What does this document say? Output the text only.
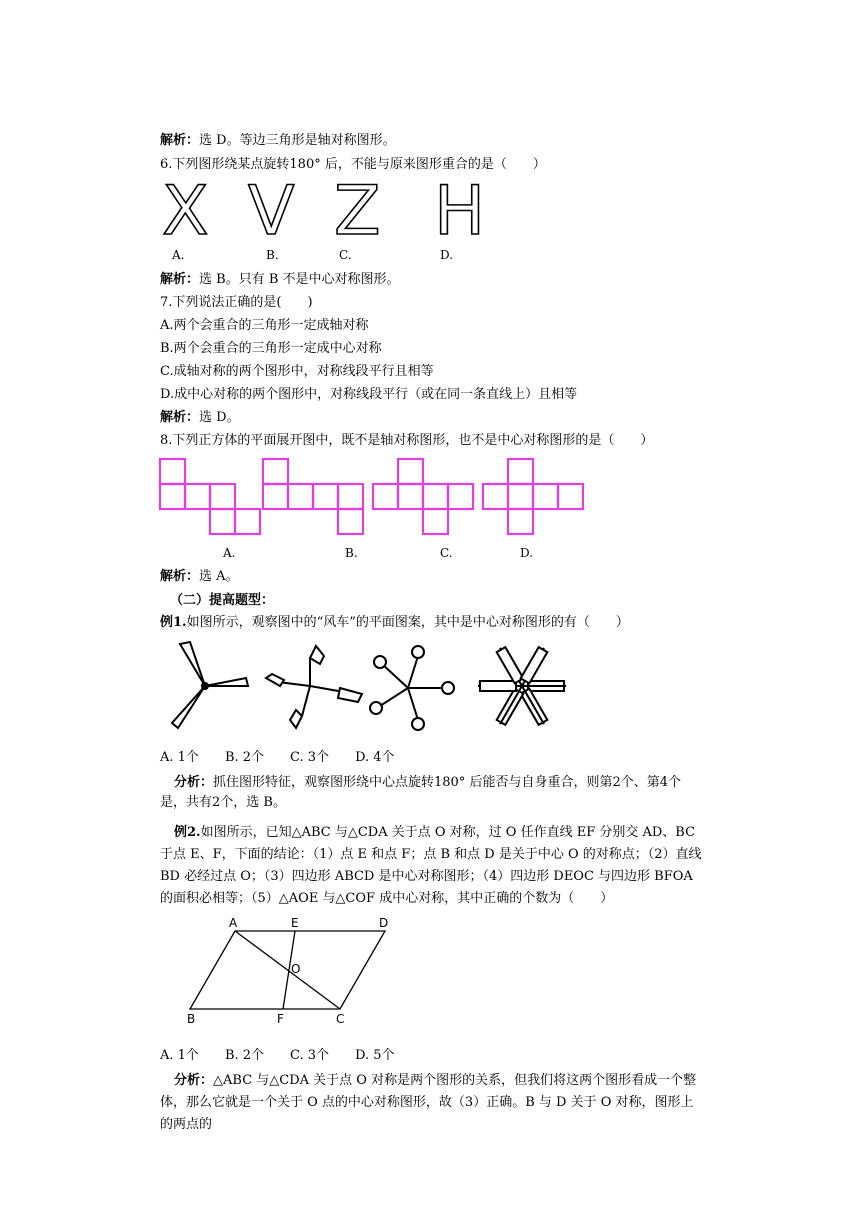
解析：选 D。等边三角形是轴对称图形。
6.下列图形绕某点旋转180° 后，不能与原来图形重合的是（　　）
X V Z H
A.	B.	C.	D.
解析：选 B。只有 B 不是中心对称图形。
7.下列说法正确的是(　　)
A.两个会重合的三角形一定成轴对称
B.两个会重合的三角形一定成中心对称
C.成轴对称的两个图形中，对称线段平行且相等
D.成中心对称的两个图形中，对称线段平行（或在同一条直线上）且相等
解析：选 D。
8.下列正方体的平面展开图中，既不是轴对称图形，也不是中心对称图形的是（　　）
A.	B.	C.	D.
解析：选 A。
（二）提高题型：
例1.如图所示，观察图中的“风车”的平面图案，其中是中心对称图形的有（　　）
A. 1个 B. 2个 C. 3个 D. 4个
分析：抓住图形特征，观察图形绕中心点旋转180° 后能否与自身重合，则第2个、第4个是，共有2个，选 B。
例2.如图所示，已知△ABC 与△CDA 关于点 O 对称，过 O 任作直线 EF 分别交 AD、BC 于点 E、F，下面的结论：（1）点 E 和点 F；点 B 和点 D 是关于中心 O 的对称点；（2）直线 BD 必经过点 O；（3）四边形 ABCD 是中心对称图形；（4）四边形 DEOC 与四边形 BFOA 的面积必相等；（5）△AOE 与△COF 成中心对称，其中正确的个数为（　　）
A	E	D
O
B	F	C
A. 1个 B. 2个 C. 3个 D. 5个
分析：△ABC 与△CDA 关于点 O 对称是两个图形的关系，但我们将这两个图形看成一个整体，那么它就是一个关于 O 点的中心对称图形，故（3）正确。B 与 D 关于 O 对称，图形上的两点的
